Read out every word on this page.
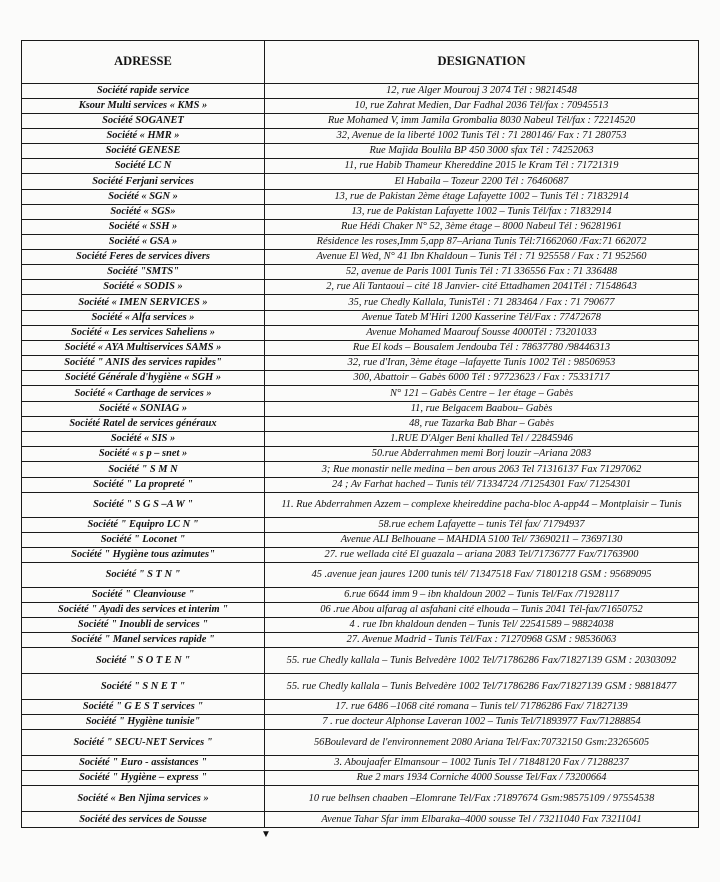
ADRESSE	DESIGNATION
Société rapide service	12, rue Alger Mourouj 3 2074 Tél : 98214548
Ksour Multi services « KMS »	10, rue Zahrat Medien, Dar Fadhal 2036 Tél/fax : 70945513
Société SOGANET	Rue Mohamed V, imm Jamila Grombalia 8030 Nabeul Tél/fax : 72214520
Société « HMR »	32, Avenue de la liberté 1002 Tunis Tél : 71 280146/ Fax : 71 280753
Société GENESE	Rue Majida Boulila BP 450 3000 sfax Tél : 74252063
Société LC N	11, rue Habib Thameur Khereddine 2015 le Kram Tél : 71721319
Société Ferjani services	El Habaila – Tozeur 2200 Tél : 76460687
Société « SGN »	13, rue de Pakistan 2ème étage Lafayette 1002 – Tunis Tél : 71832914
Société « SGS»	13, rue de Pakistan Lafayette 1002 – Tunis Tél/fax : 71832914
Société « SSH »	Rue Hédi Chaker N° 52, 3ème étage – 8000 Nabeul Tél : 96281961
Société « GSA »	Résidence les roses,Imm 5,app 87–Ariana Tunis Tél:71662060 /Fax:71 662072
Société Feres de services divers	Avenue El Wed, N° 41 Ibn Khaldoun – Tunis Tél : 71 925558 / Fax : 71 952560
Société "SMTS"	52, avenue de Paris 1001 Tunis Tél : 71 336556 Fax : 71 336488
Société « SODIS »	2, rue Ali Tantaoui – cité 18 Janvier- cité Ettadhamen 2041Tél : 71548643
Société « IMEN SERVICES »	35, rue Chedly Kallala, TunisTél : 71 283464 / Fax : 71 790677
Société « Alfa services »	Avenue Tateb M'Hiri 1200 Kasserine Tél/Fax : 77472678
Société « Les services Saheliens »	Avenue Mohamed Maarouf Sousse 4000Tél : 73201033
Société « AYA Multiservices SAMS »	Rue El kods – Bousalem Jendouba Tél : 78637780 /98446313
Société " ANIS des services rapides"	32, rue d'Iran, 3ème étage –lafayette Tunis 1002 Tél : 98506953
Société Générale d'hygiène « SGH »	300, Abattoir – Gabès 6000 Tél : 97723623 / Fax : 75331717
Société « Carthage de services »	N° 121 – Gabès Centre – 1er étage – Gabès
Société « SONIAG »	11, rue Belgacem Baabou– Gabès
Société Ratel de services généraux	48, rue Tazarka Bab Bhar – Gabès
Société « SIS »	1.RUE D'Alger Beni khalled Tel / 22845946
Société « s p – snet »	50.rue Abderrahmen memi Borj louzir –Ariana 2083
Société " S M N	3; Rue monastir nelle medina – ben arous 2063 Tel 71316137 Fax 71297062
Société " La propreté "	24 ; Av Farhat hached – Tunis tél/ 71334724 /71254301 Fax/ 71254301
Société " S G S –A W "	11. Rue Abderrahmen Azzem – complexe kheireddine pacha-bloc A-app44 – Montplaisir – Tunis
Société " Equipro LC N "	58.rue echem Lafayette – tunis Tél fax/ 71794937
Société " Loconet "	Avenue ALI Belhouane – MAHDIA 5100 Tel/ 73690211 – 73697130
Société " Hygiène tous azimutes"	27. rue wellada cité El guazala – ariana 2083 Tel/71736777 Fax/71763900
Société " S T N "	45 .avenue jean jaures 1200 tunis tél/ 71347518 Fax/ 71801218 GSM : 95689095
Société " Cleanviouse "	6.rue 6644 imm 9 – ibn khaldoun 2002 – Tunis Tel/Fax /71928117
Société " Ayadi des services et interim "	06 .rue Abou alfarag al asfahani cité elhouda – Tunis 2041 Tél-fax/71650752
Société " Inoubli de services "	4 . rue Ibn khaldoun denden – Tunis Tel/ 22541589 – 98824038
Société " Manel services rapide "	27. Avenue Madrid - Tunis Tél/Fax : 71270968 GSM : 98536063
Société " S O T E N "	55. rue Chedly kallala – Tunis Belvedère 1002 Tel/71786286 Fax/71827139 GSM : 20303092
Société " S N E T "	55. rue Chedly kallala – Tunis Belvedère 1002 Tel/71786286 Fax/71827139 GSM : 98818477
Société " G E S T services "	17. rue 6486 –1068 cité romana – Tunis tel/ 71786286 Fax/ 71827139
Société " Hygiène tunisie"	7 . rue docteur Alphonse Laveran 1002 – Tunis Tel/71893977 Fax/71288854
Société " SECU-NET Services "	56Boulevard de l'environnement 2080 Ariana Tel/Fax:70732150 Gsm:23265605
Société " Euro - assistances "	3. Aboujaafer Elmansour – 1002 Tunis Tel / 71848120 Fax / 71288237
Société " Hygiène – express "	Rue 2 mars 1934 Corniche 4000 Sousse Tel/Fax / 73200664
Société « Ben Njima services »	10 rue belhsen chaaben –Elomrane Tel/Fax :71897674 Gsm:98575109 / 97554538
Société des services de Sousse	Avenue Tahar Sfar imm Elbaraka–4000 sousse Tel / 73211040 Fax 73211041
▼
